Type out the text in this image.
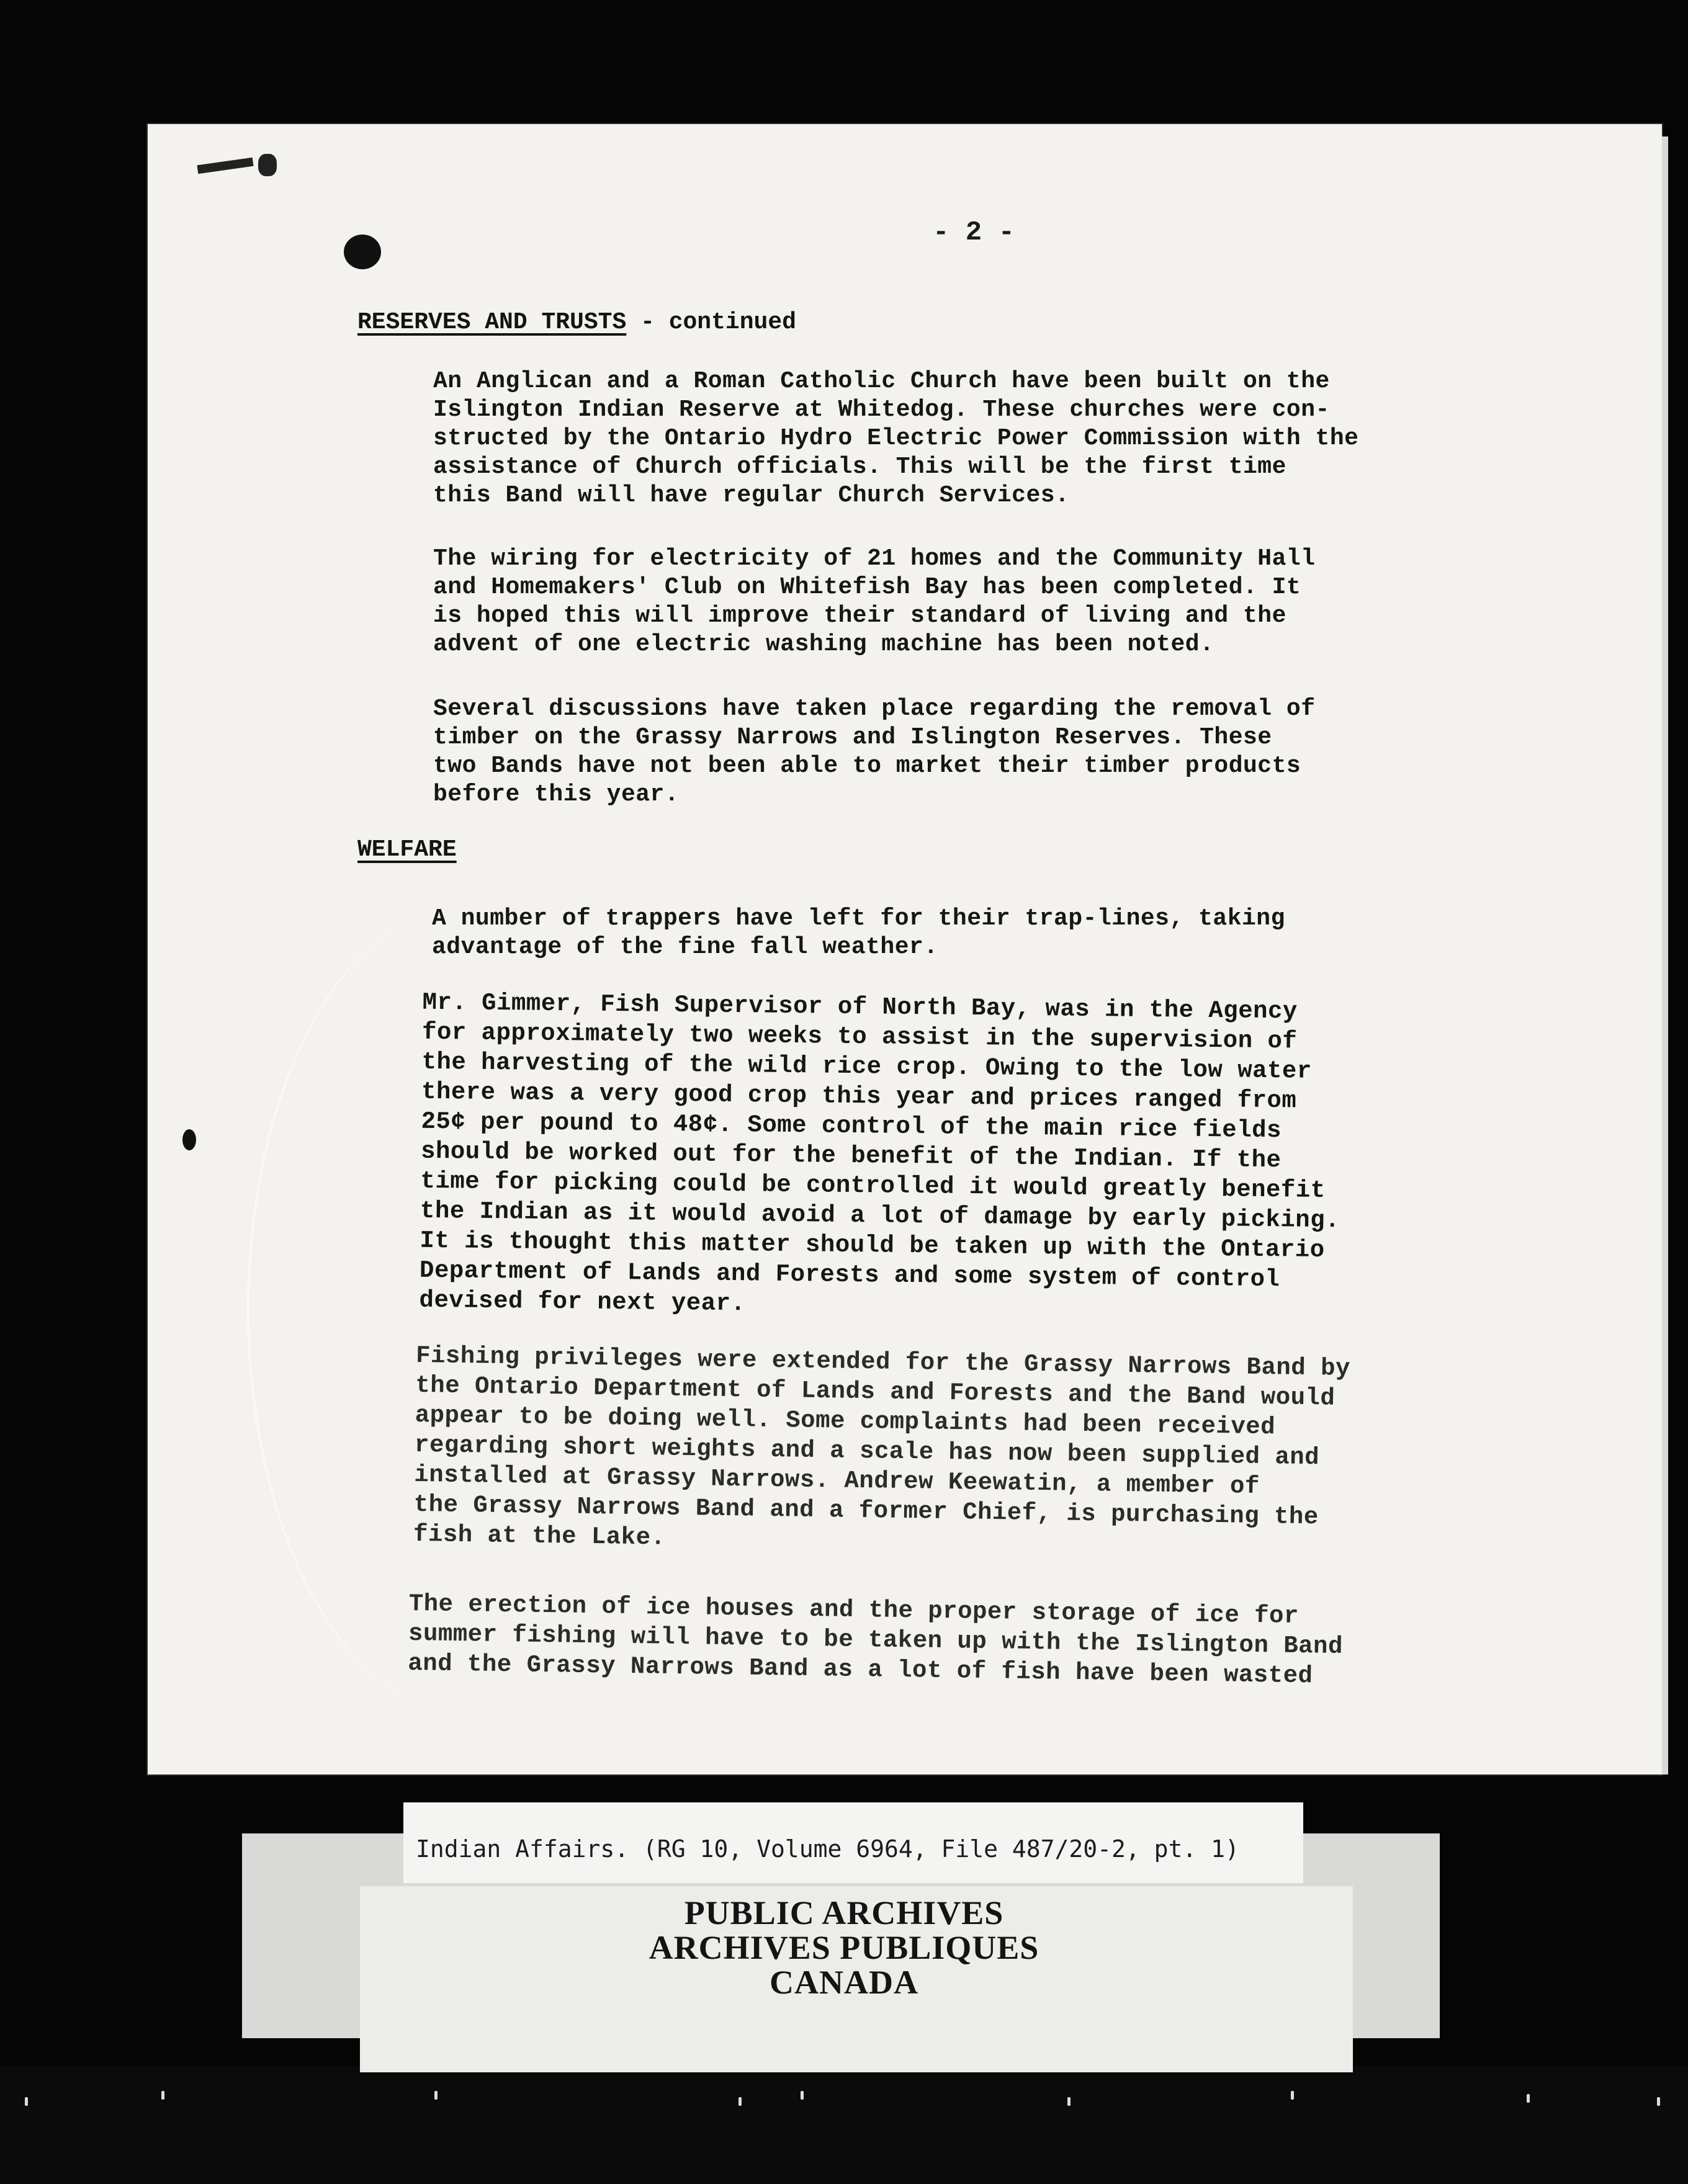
- 2 -
RESERVES AND TRUSTS - continued
An Anglican and a Roman Catholic Church have been built on the
Islington Indian Reserve at Whitedog. These churches were con-
structed by the Ontario Hydro Electric Power Commission with the
assistance of Church officials. This will be the first time
this Band will have regular Church Services.
The wiring for electricity of 21 homes and the Community Hall
and Homemakers' Club on Whitefish Bay has been completed. It
is hoped this will improve their standard of living and the
advent of one electric washing machine has been noted.
Several discussions have taken place regarding the removal of
timber on the Grassy Narrows and Islington Reserves. These
two Bands have not been able to market their timber products
before this year.
WELFARE
A number of trappers have left for their trap-lines, taking
advantage of the fine fall weather.
Mr. Gimmer, Fish Supervisor of North Bay, was in the Agency
for approximately two weeks to assist in the supervision of
the harvesting of the wild rice crop. Owing to the low water
there was a very good crop this year and prices ranged from
25¢ per pound to 48¢. Some control of the main rice fields
should be worked out for the benefit of the Indian. If the
time for picking could be controlled it would greatly benefit
the Indian as it would avoid a lot of damage by early picking.
It is thought this matter should be taken up with the Ontario
Department of Lands and Forests and some system of control
devised for next year.
Fishing privileges were extended for the Grassy Narrows Band by
the Ontario Department of Lands and Forests and the Band would
appear to be doing well. Some complaints had been received
regarding short weights and a scale has now been supplied and
installed at Grassy Narrows. Andrew Keewatin, a member of
the Grassy Narrows Band and a former Chief, is purchasing the
fish at the Lake.
The erection of ice houses and the proper storage of ice for
summer fishing will have to be taken up with the Islington Band
and the Grassy Narrows Band as a lot of fish have been wasted
Indian Affairs. (RG 10, Volume 6964, File 487/20-2, pt. 1)
PUBLIC ARCHIVES
ARCHIVES PUBLIQUES
CANADA
